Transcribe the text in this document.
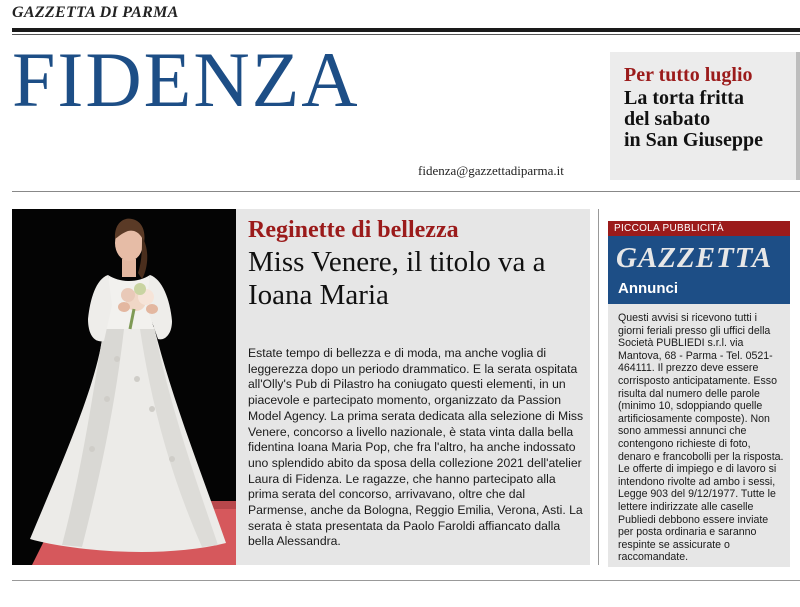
GAZZETTA DI PARMA
FIDENZA	Per tutto luglio
La torta fritta
del sabato
in San Giuseppe
fidenza@gazzettadiparma.it
Reginette di bellezza
Miss Venere, il titolo va a Ioana Maria
Estate tempo di bellezza e di moda, ma anche voglia di leggerezza dopo un periodo drammatico. E la serata ospitata all'Olly's Pub di Pilastro ha coniugato questi elementi, in un piacevole e partecipato momento, organizzato da Passion Model Agency. La prima serata dedicata alla selezione di Miss Venere, concorso a livello nazionale, è stata vinta dalla bella fidentina Ioana Maria Pop, che fra l'altro, ha anche indossato uno splendido abito da sposa della collezione 2021 dell'atelier Laura di Fidenza. Le ragazze, che hanno partecipato alla prima serata del concorso, arrivavano, oltre che dal Parmense, anche da Bologna, Reggio Emilia, Verona, Asti. La serata è stata presentata da Paolo Faroldi affiancato dalla bella Alessandra.
PICCOLA PUBBLICITÀ
GAZZETTA
Annunci
Questi avvisi si ricevono tutti i giorni feriali presso gli uffici della Società PUBLIEDI s.r.l. via Mantova, 68 - Parma - Tel. 0521-464111. Il prezzo deve essere corrisposto anticipatamente. Esso risulta dal numero delle parole (minimo 10, sdoppiando quelle artificiosamente composte). Non sono ammessi annunci che contengono richieste di foto, denaro e francobolli per la risposta. Le offerte di impiego e di lavoro si intendono rivolte ad ambo i sessi, Legge 903 del 9/12/1977. Tutte le lettere indirizzate alle caselle Publiedi debbono essere inviate per posta ordinaria e saranno respinte se assicurate o raccomandate.
